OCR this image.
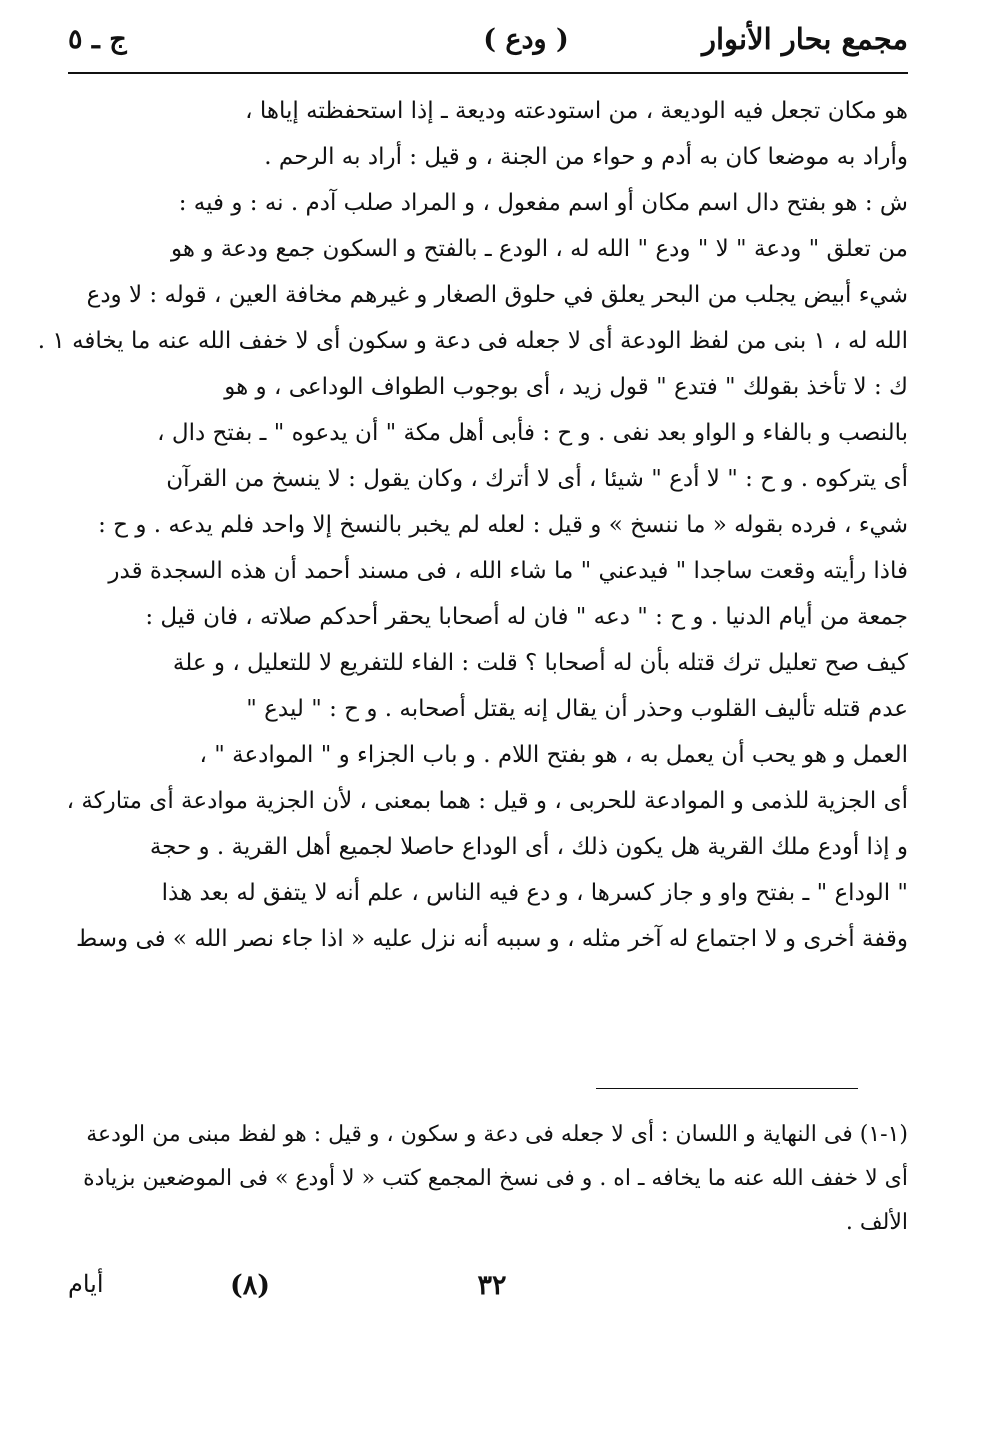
مجمع بحار الأنوار
( ودع )
ج ـ ٥
هو مكان تجعل فيه الوديعة ، من استودعته وديعة ـ إذا استحفظته إياها ،
وأراد به موضعا كان به أدم و حواء من الجنة ، و قيل : أراد به الرحم .
ش : هو بفتح دال اسم مكان أو اسم مفعول ، و المراد صلب آدم . نه : و فيه :
من تعلق " ودعة " لا " ودع " الله له ، الودع ـ بالفتح و السكون جمع ودعة و هو
شيء أبيض يجلب من البحر يعلق في حلوق الصغار و غيرهم مخافة العين ، قوله : لا ودع
الله له ، ١ بنى من لفظ الودعة أى لا جعله فى دعة و سكون أى لا خفف الله عنه ما يخافه ١ .
ك : لا تأخذ بقولك " فتدع " قول زيد ، أى بوجوب الطواف الوداعى ، و هو
بالنصب و بالفاء و الواو بعد نفى . و ح : فأبى أهل مكة " أن يدعوه " ـ بفتح دال ،
أى يتركوه . و ح : " لا أدع " شيئا ، أى لا أترك ، وكان يقول : لا ينسخ من القرآن
شيء ، فرده بقوله « ما ننسخ » و قيل : لعله لم يخبر بالنسخ إلا واحد فلم يدعه . و ح :
فاذا رأيته وقعت ساجدا " فيدعني " ما شاء الله ، فى مسند أحمد أن هذه السجدة قدر
جمعة من أيام الدنيا . و ح : " دعه " فان له أصحابا يحقر أحدكم صلاته ، فان قيل :
كيف صح تعليل ترك قتله بأن له أصحابا ؟ قلت : الفاء للتفريع لا للتعليل ، و علة
عدم قتله تأليف القلوب وحذر أن يقال إنه يقتل أصحابه . و ح : " ليدع "
العمل و هو يحب أن يعمل به ، هو بفتح اللام . و باب الجزاء و " الموادعة " ،
أى الجزية للذمى و الموادعة للحربى ، و قيل : هما بمعنى ، لأن الجزية موادعة أى متاركة ،
و إذا أودع ملك القرية هل يكون ذلك ، أى الوداع حاصلا لجميع أهل القرية . و حجة
" الوداع " ـ بفتح واو و جاز كسرها ، و دع فيه الناس ، علم أنه لا يتفق له بعد هذا
وقفة أخرى و لا اجتماع له آخر مثله ، و سببه أنه نزل عليه « اذا جاء نصر الله » فى وسط
(١-١) فى النهاية و اللسان : أى لا جعله فى دعة و سكون ، و قيل : هو لفظ مبنى من الودعة
أى لا خفف الله عنه ما يخافه ـ اه . و فى نسخ المجمع كتب « لا أودع » فى الموضعين بزيادة
الألف .
٣٢
(٨)
أيام
